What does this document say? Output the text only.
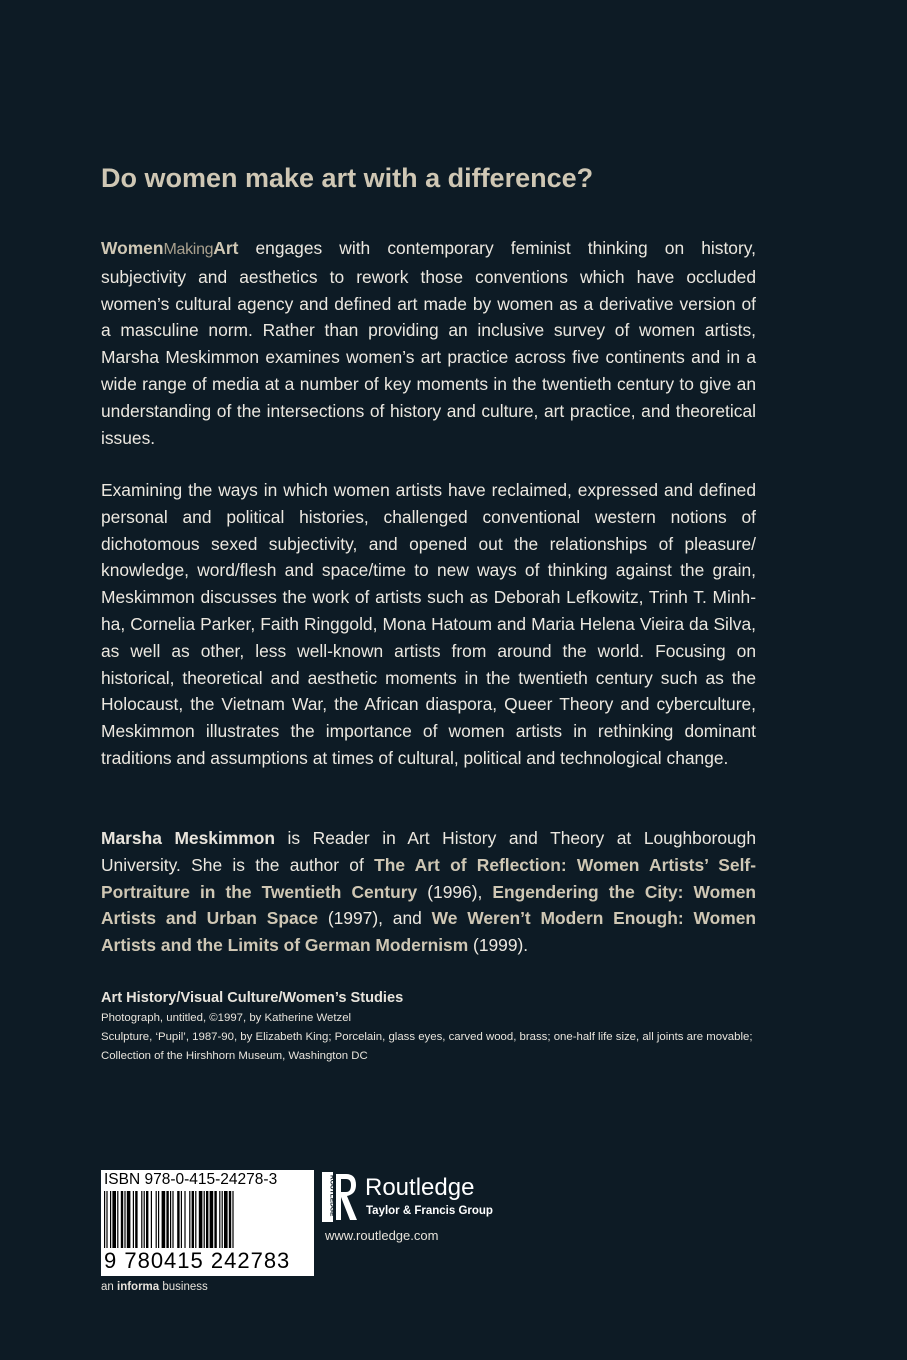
Do women make art with a difference?

WomenMakingArt engages with contemporary feminist thinking on history, subjectivity and aesthetics to rework those conventions which have occluded women’s cultural agency and defined art made by women as a derivative version of a masculine norm. Rather than providing an inclusive survey of women artists, Marsha Meskimmon examines women’s art practice across five continents and in a wide range of media at a number of key moments in the twentieth century to give an understanding of the intersections of history and culture, art practice, and theoretical issues.

Examining the ways in which women artists have reclaimed, expressed and defined personal and political histories, challenged conventional western notions of dichotomous sexed subjectivity, and opened out the relationships of pleasure/ knowledge, word/flesh and space/time to new ways of thinking against the grain, Meskimmon discusses the work of artists such as Deborah Lefkowitz, Trinh T. Minh-ha, Cornelia Parker, Faith Ringgold, Mona Hatoum and Maria Helena Vieira da Silva, as well as other, less well-known artists from around the world. Focusing on historical, theoretical and aesthetic moments in the twentieth century such as the Holocaust, the Vietnam War, the African diaspora, Queer Theory and cyberculture, Meskimmon illustrates the importance of women artists in rethinking dominant traditions and assumptions at times of cultural, political and technological change.

Marsha Meskimmon is Reader in Art History and Theory at Loughborough University. She is the author of The Art of Reflection: Women Artists’ Self-Portraiture in the Twentieth Century (1996), Engendering the City: Women Artists and Urban Space (1997), and We Weren’t Modern Enough: Women Artists and the Limits of German Modernism (1999).

Art History/Visual Culture/Women’s Studies
Photograph, untitled, ©1997, by Katherine Wetzel
Sculpture, ‘Pupil’, 1987-90, by Elizabeth King; Porcelain, glass eyes, carved wood, brass; one-half life size, all joints are movable; Collection of the Hirshhorn Museum, Washington DC
ISBN 978-0-415-24278-3
9 780415 242783
an informa business
ROUTLEDGE Routledge
Taylor & Francis Group
www.routledge.com
